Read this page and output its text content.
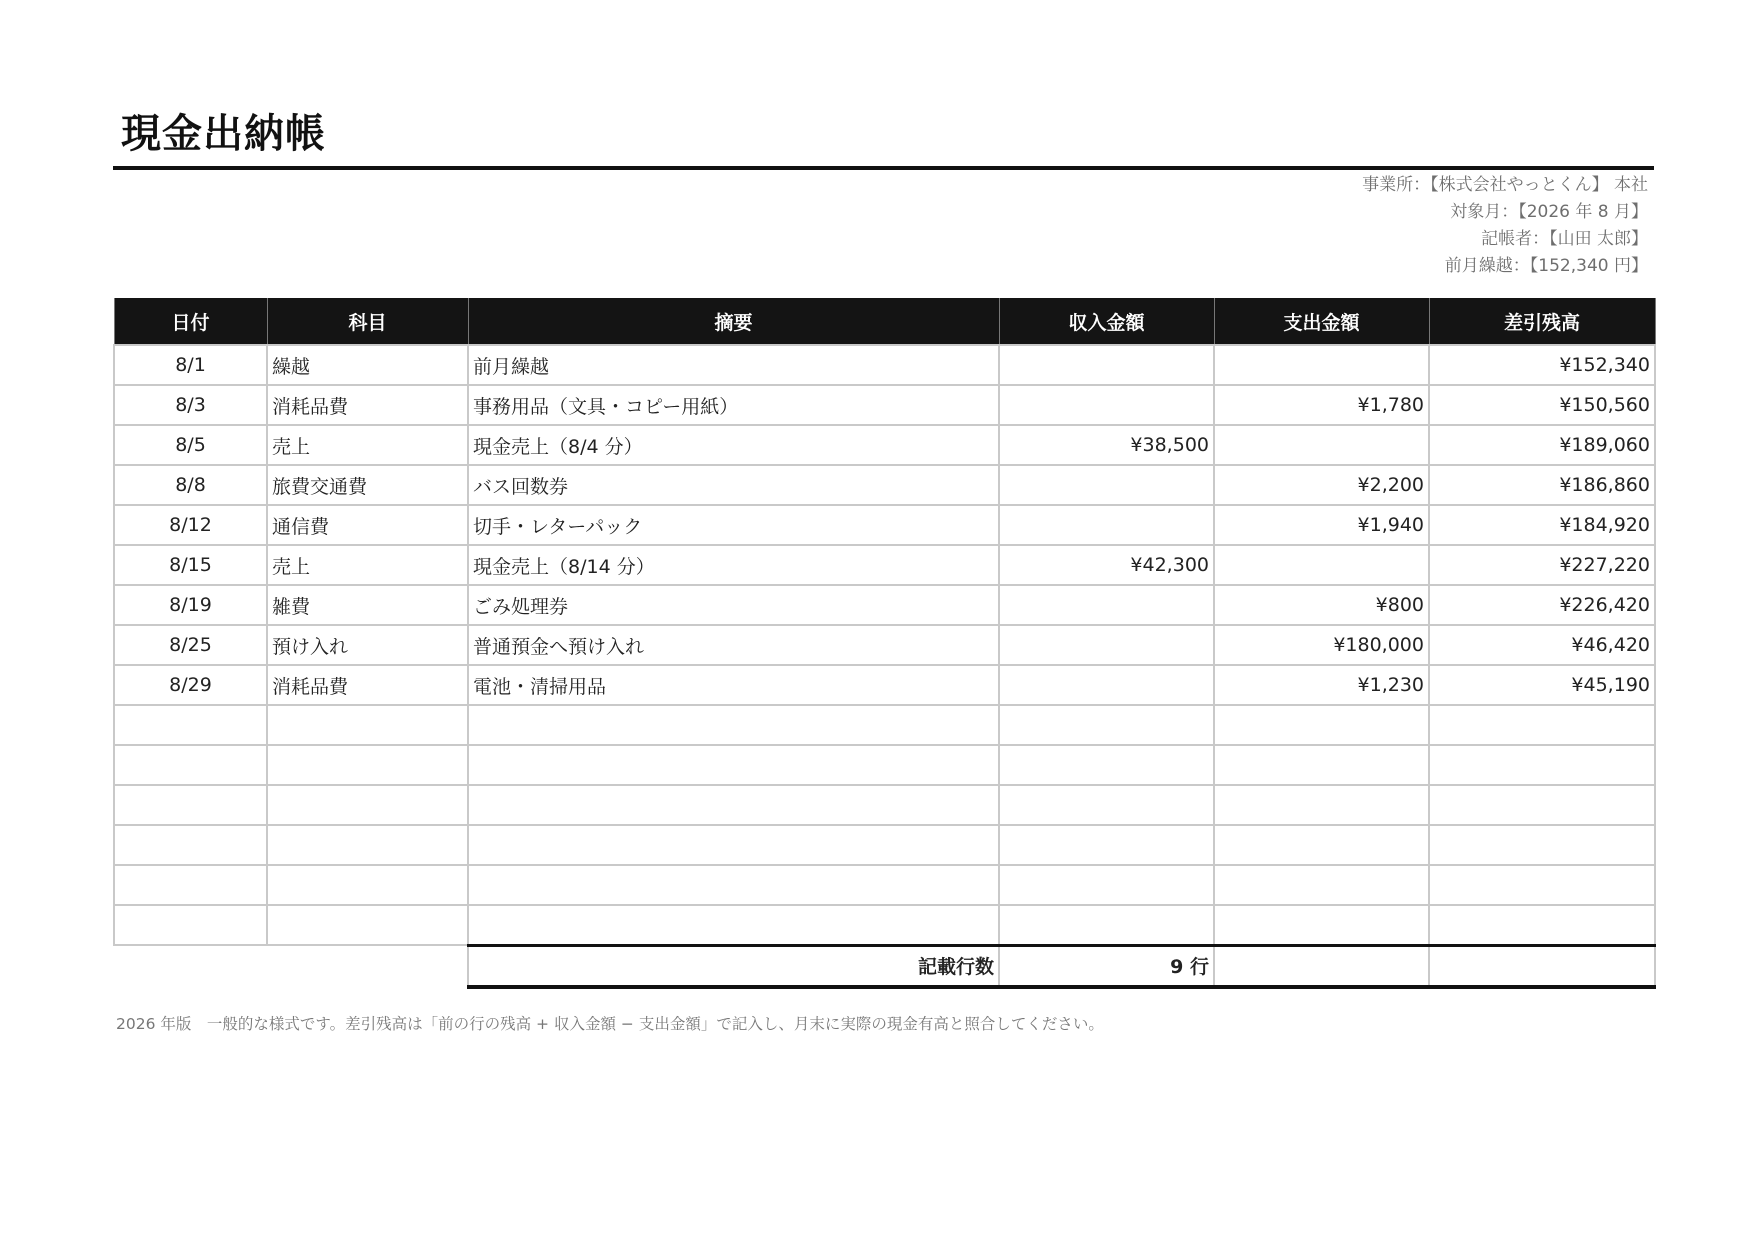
現金出納帳
事業所：【株式会社やっとくん】 本社
対象月：【2026 年 8 月】
記帳者：【山田 太郎】
前月繰越：【152,340 円】
日付	科目	摘要	収入金額	支出金額	差引残高
8/1	繰越	前月繰越			¥152,340
8/3	消耗品費	事務用品（文具・コピー用紙）		¥1,780	¥150,560
8/5	売上	現金売上（8/4 分）	¥38,500		¥189,060
8/8	旅費交通費	バス回数券		¥2,200	¥186,860
8/12	通信費	切手・レターパック		¥1,940	¥184,920
8/15	売上	現金売上（8/14 分）	¥42,300		¥227,220
8/19	雑費	ごみ処理券		¥800	¥226,420
8/25	預け入れ	普通預金へ預け入れ		¥180,000	¥46,420
8/29	消耗品費	電池・清掃用品		¥1,230	¥45,190

		記載行数	9 行		
2026 年版　一般的な様式です。差引残高は「前の行の残高 + 収入金額 − 支出金額」で記入し、月末に実際の現金有高と照合してください。
